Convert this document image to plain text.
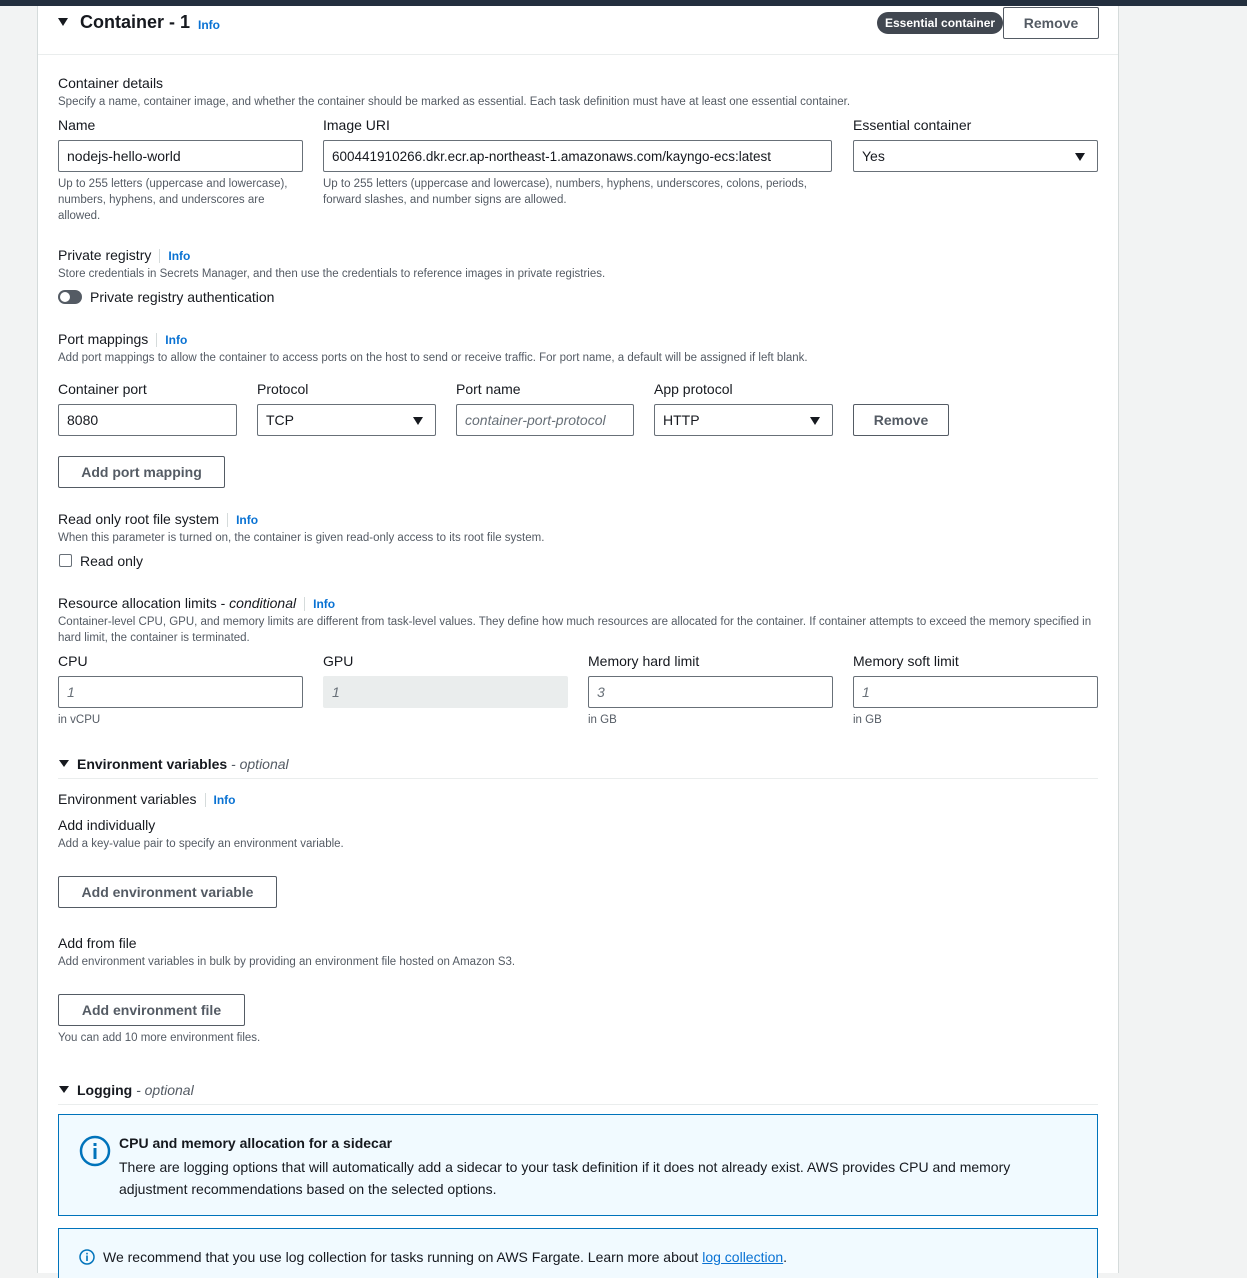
Container - 1 Info	Essential container	Remove
Container details
Specify a name, container image, and whether the container should be marked as essential. Each task definition must have at least one essential container.
Name
nodejs-hello-world
Up to 255 letters (uppercase and lowercase), numbers, hyphens, and underscores are allowed.
Image URI
600441910266.dkr.ecr.ap-northeast-1.amazonaws.com/kayngo-ecs:latest
Up to 255 letters (uppercase and lowercase), numbers, hyphens, underscores, colons, periods, forward slashes, and number signs are allowed.
Essential container
Yes
Private registry Info
Store credentials in Secrets Manager, and then use the credentials to reference images in private registries.
Private registry authentication
Port mappings Info
Add port mappings to allow the container to access ports on the host to send or receive traffic. For port name, a default will be assigned if left blank.
Container port
8080
Protocol
TCP
Port name
container-port-protocol
App protocol
HTTP	Remove
Add port mapping
Read only root file system Info
When this parameter is turned on, the container is given read-only access to its root file system.
Read only
Resource allocation limits - conditional Info
Container-level CPU, GPU, and memory limits are different from task-level values. They define how much resources are allocated for the container. If container attempts to exceed the memory specified in hard limit, the container is terminated.
CPU
1
in vCPU
GPU
1
Memory hard limit
3
in GB
Memory soft limit
1
in GB
Environment variables - optional
Environment variables Info
Add individually
Add a key-value pair to specify an environment variable.
Add environment variable
Add from file
Add environment variables in bulk by providing an environment file hosted on Amazon S3.
Add environment file
You can add 10 more environment files.
Logging - optional
CPU and memory allocation for a sidecar
There are logging options that will automatically add a sidecar to your task definition if it does not already exist. AWS provides CPU and memory adjustment recommendations based on the selected options.
We recommend that you use log collection for tasks running on AWS Fargate. Learn more about log collection.
